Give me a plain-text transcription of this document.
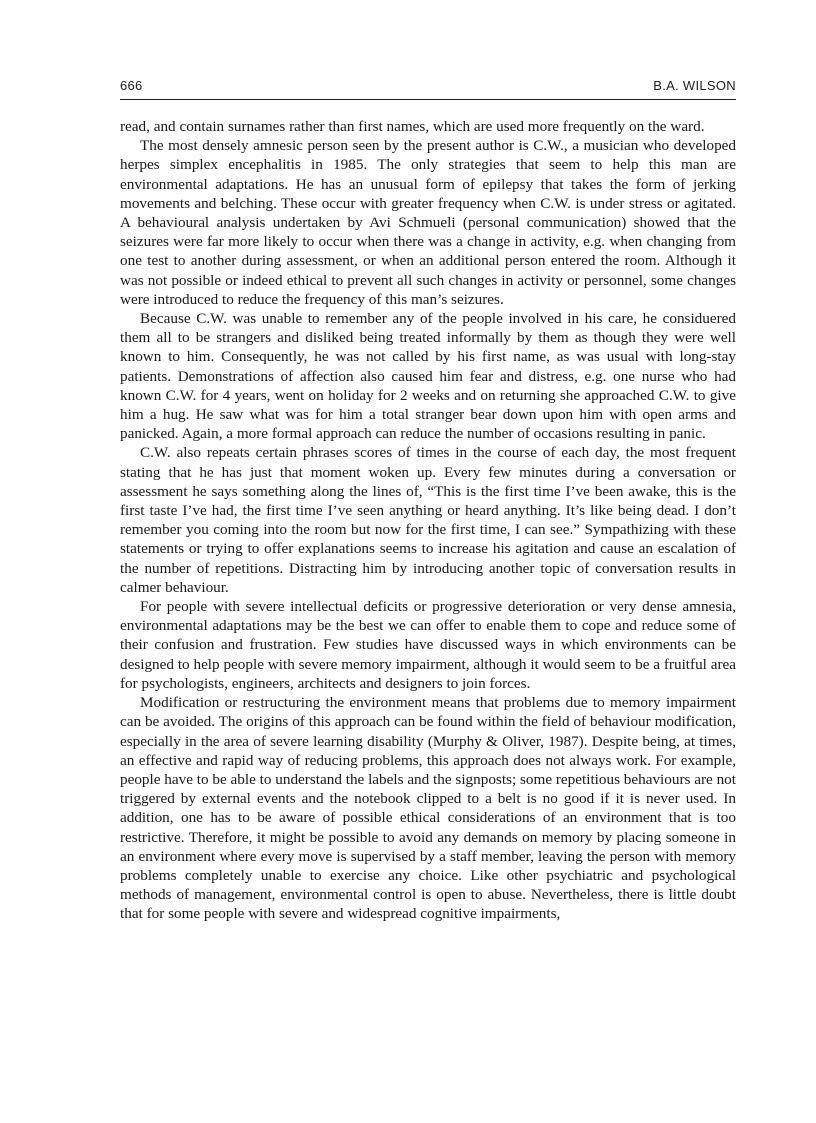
666	B.A. WILSON

read, and contain surnames rather than first names, which are used more frequently on the ward.

The most densely amnesic person seen by the present author is C.W., a musician who developed herpes simplex encephalitis in 1985. The only strategies that seem to help this man are environmental adaptations. He has an unusual form of epilepsy that takes the form of jerking movements and belching. These occur with greater frequency when C.W. is under stress or agitated. A behavioural analysis undertaken by Avi Schmueli (personal communication) showed that the seizures were far more likely to occur when there was a change in activity, e.g. when changing from one test to another during assessment, or when an additional person entered the room. Although it was not possible or indeed ethical to prevent all such changes in activity or personnel, some changes were introduced to reduce the frequency of this man’s seizures.

Because C.W. was unable to remember any of the people involved in his care, he considuered them all to be strangers and disliked being treated informally by them as though they were well known to him. Consequently, he was not called by his first name, as was usual with long-stay patients. Demonstrations of affection also caused him fear and distress, e.g. one nurse who had known C.W. for 4 years, went on holiday for 2 weeks and on returning she approached C.W. to give him a hug. He saw what was for him a total stranger bear down upon him with open arms and panicked. Again, a more formal approach can reduce the number of occasions resulting in panic.

C.W. also repeats certain phrases scores of times in the course of each day, the most frequent stating that he has just that moment woken up. Every few minutes during a conversation or assessment he says something along the lines of, “This is the first time I’ve been awake, this is the first taste I’ve had, the first time I’ve seen anything or heard anything. It’s like being dead. I don’t remember you coming into the room but now for the first time, I can see.” Sympathizing with these statements or trying to offer explanations seems to increase his agitation and cause an escalation of the number of repetitions. Distracting him by introducing another topic of conversation results in calmer behaviour.

For people with severe intellectual deficits or progressive deterioration or very dense amnesia, environmental adaptations may be the best we can offer to enable them to cope and reduce some of their confusion and frustration. Few studies have discussed ways in which environments can be designed to help people with severe memory impairment, although it would seem to be a fruitful area for psychologists, engineers, architects and designers to join forces.

Modification or restructuring the environment means that problems due to memory impairment can be avoided. The origins of this approach can be found within the field of behaviour modification, especially in the area of severe learning disability (Murphy & Oliver, 1987). Despite being, at times, an effective and rapid way of reducing problems, this approach does not always work. For example, people have to be able to understand the labels and the signposts; some repetitious behaviours are not triggered by external events and the notebook clipped to a belt is no good if it is never used. In addition, one has to be aware of possible ethical considerations of an environment that is too restrictive. Therefore, it might be possible to avoid any demands on memory by placing someone in an environment where every move is supervised by a staff member, leaving the person with memory problems completely unable to exercise any choice. Like other psychiatric and psychological methods of management, environmental control is open to abuse. Nevertheless, there is little doubt that for some people with severe and widespread cognitive impairments,
